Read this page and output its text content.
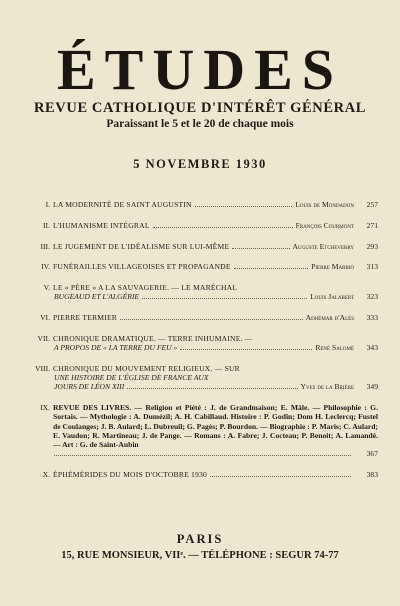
ÉTUDES
REVUE CATHOLIQUE D'INTÉRÊT GÉNÉRAL
Paraissant le 5 et le 20 de chaque mois
5 NOVEMBRE 1930
I. LA MODERNITÉ DE SAINT AUGUSTIN	Louis de Mondadon	257
II. L'HUMANISME INTÉGRAL	François Courmont	271
III. LE JUGEMENT DE L'IDÉALISME SUR LUI-MÊME	Auguste Etcheverry	293
IV. FUNÉRAILLES VILLAGEOISES ET PROPAGANDE	Pierre Marbio	313
V. LE « PÈRE » A LA SAUVAGERIE. — LE MARÉCHAL
BUGEAUD ET L'ALGÉRIE	Louis Jalabert	323
VI. PIERRE TERMIER	Adhémar d'Alès	333
VII. CHRONIQUE DRAMATIQUE. — TERRE INHUMAINE. —
A PROPOS DE « LA TERRE DU FEU »	René Salomé	343
VIII. CHRONIQUE DU MOUVEMENT RELIGIEUX. — SUR
UNE HISTOIRE DE L'ÉGLISE DE FRANCE AUX
JOURS DE LÉON XIII	Yves de la Brière	349
IX. REVUE DES LIVRES. — Religion et Piété : J. de Grandmaison; E. Mâle. — Philosophie : G. Sortais. — Mythologie : A. Dumézil; A. H. Cabillaud. Histoire : P. Godin; Dom H. Leclercq; Fustel de Coulanges; J. B. Aulard; L. Dubreuil; G. Pagès; P. Bourdon. — Biographie : P. Maris; C. Aulard; E. Vaudon; R. Martineau; J. de Pange. — Romans : A. Fabre; J. Cocteau; P. Benoit; A. Lamandé. — Art : G. de Saint-Aubin
367
X. ÉPHÉMÉRIDES DU MOIS D'OCTOBRE 1930	383
PARIS
15, RUE MONSIEUR, VIIᵉ. — TÉLÉPHONE : SEGUR 74-77
